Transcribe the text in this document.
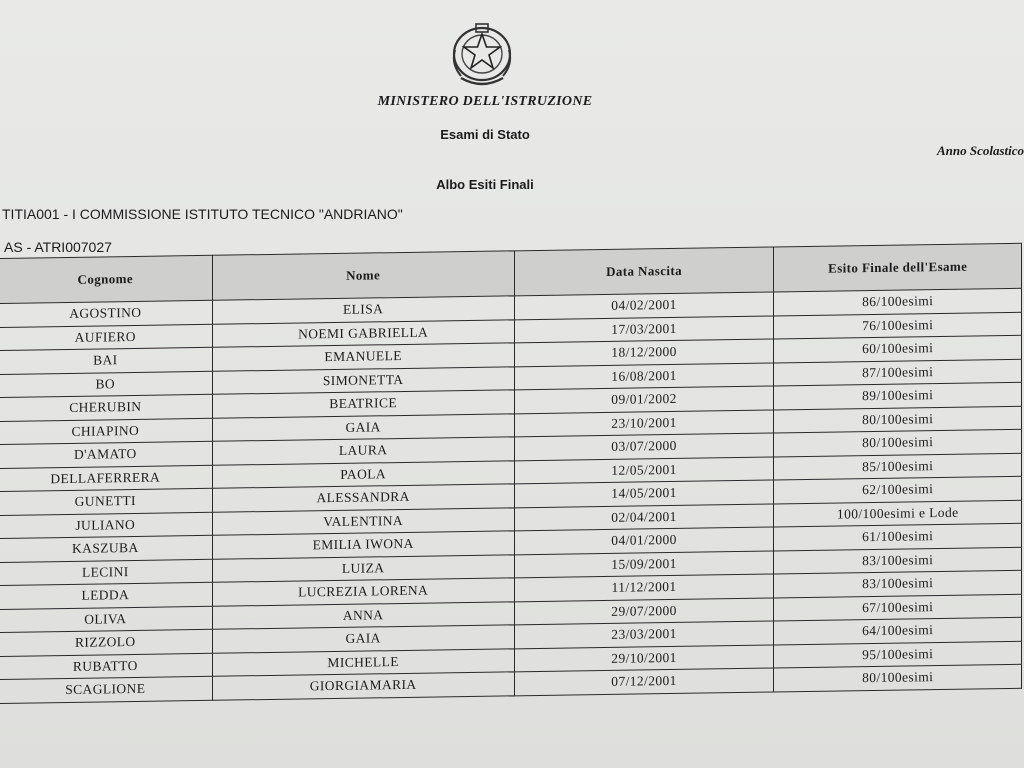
MINISTERO DELL'ISTRUZIONE
Esami di Stato
Anno Scolastico
Albo Esiti Finali
TITIA001 - I COMMISSIONE ISTITUTO TECNICO "ANDRIANO"
AS - ATRI007027
Cognome	Nome	Data Nascita	Esito Finale dell'Esame
AGOSTINO	ELISA	04/02/2001	86/100esimi
AUFIERO	NOEMI GABRIELLA	17/03/2001	76/100esimi
BAI	EMANUELE	18/12/2000	60/100esimi
BO	SIMONETTA	16/08/2001	87/100esimi
CHERUBIN	BEATRICE	09/01/2002	89/100esimi
CHIAPINO	GAIA	23/10/2001	80/100esimi
D'AMATO	LAURA	03/07/2000	80/100esimi
DELLAFERRERA	PAOLA	12/05/2001	85/100esimi
GUNETTI	ALESSANDRA	14/05/2001	62/100esimi
JULIANO	VALENTINA	02/04/2001	100/100esimi e Lode
KASZUBA	EMILIA IWONA	04/01/2000	61/100esimi
LECINI	LUIZA	15/09/2001	83/100esimi
LEDDA	LUCREZIA LORENA	11/12/2001	83/100esimi
OLIVA	ANNA	29/07/2000	67/100esimi
RIZZOLO	GAIA	23/03/2001	64/100esimi
RUBATTO	MICHELLE	29/10/2001	95/100esimi
SCAGLIONE	GIORGIAMARIA	07/12/2001	80/100esimi
